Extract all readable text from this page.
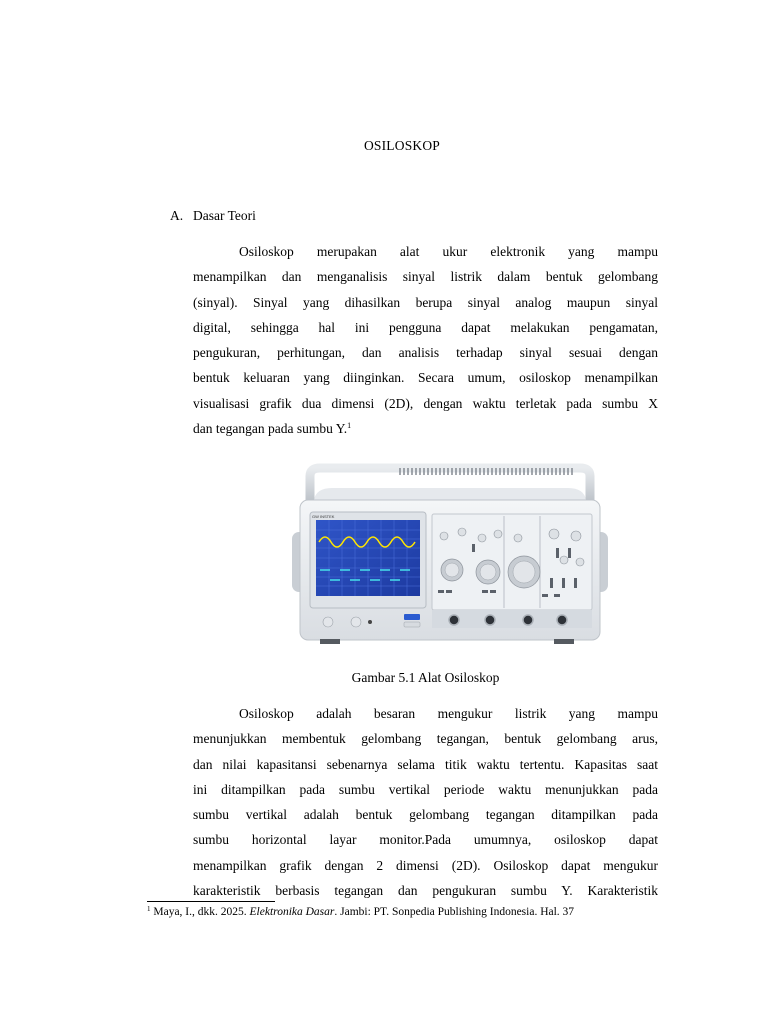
OSILOSKOP
A. Dasar Teori
Osiloskop merupakan alat ukur elektronik yang mampu
menampilkan dan menganalisis sinyal listrik dalam bentuk gelombang
(sinyal). Sinyal yang dihasilkan berupa sinyal analog maupun sinyal
digital, sehingga hal ini pengguna dapat melakukan pengamatan,
pengukuran, perhitungan, dan analisis terhadap sinyal sesuai dengan
bentuk keluaran yang diinginkan. Secara umum, osiloskop menampilkan
visualisasi grafik dua dimensi (2D), dengan waktu terletak pada sumbu X
dan tegangan pada sumbu Y.$^1$
GW INSTEK
Gambar 5.1 Alat Osiloskop
Osiloskop adalah besaran mengukur listrik yang mampu
menunjukkan membentuk gelombang tegangan, bentuk gelombang arus,
dan nilai kapasitansi sebenarnya selama titik waktu tertentu. Kapasitas saat
ini ditampilkan pada sumbu vertikal periode waktu menunjukkan pada
sumbu vertikal adalah bentuk gelombang tegangan ditampilkan pada
sumbu horizontal layar monitor.Pada umumnya, osiloskop dapat
menampilkan grafik dengan 2 dimensi (2D). Osiloskop dapat mengukur
karakteristik berbasis tegangan dan pengukuran sumbu Y. Karakteristik
$^1$ Maya, I., dkk. 2025. Elektronika Dasar. Jambi: PT. Sonpedia Publishing Indonesia. Hal. 37
